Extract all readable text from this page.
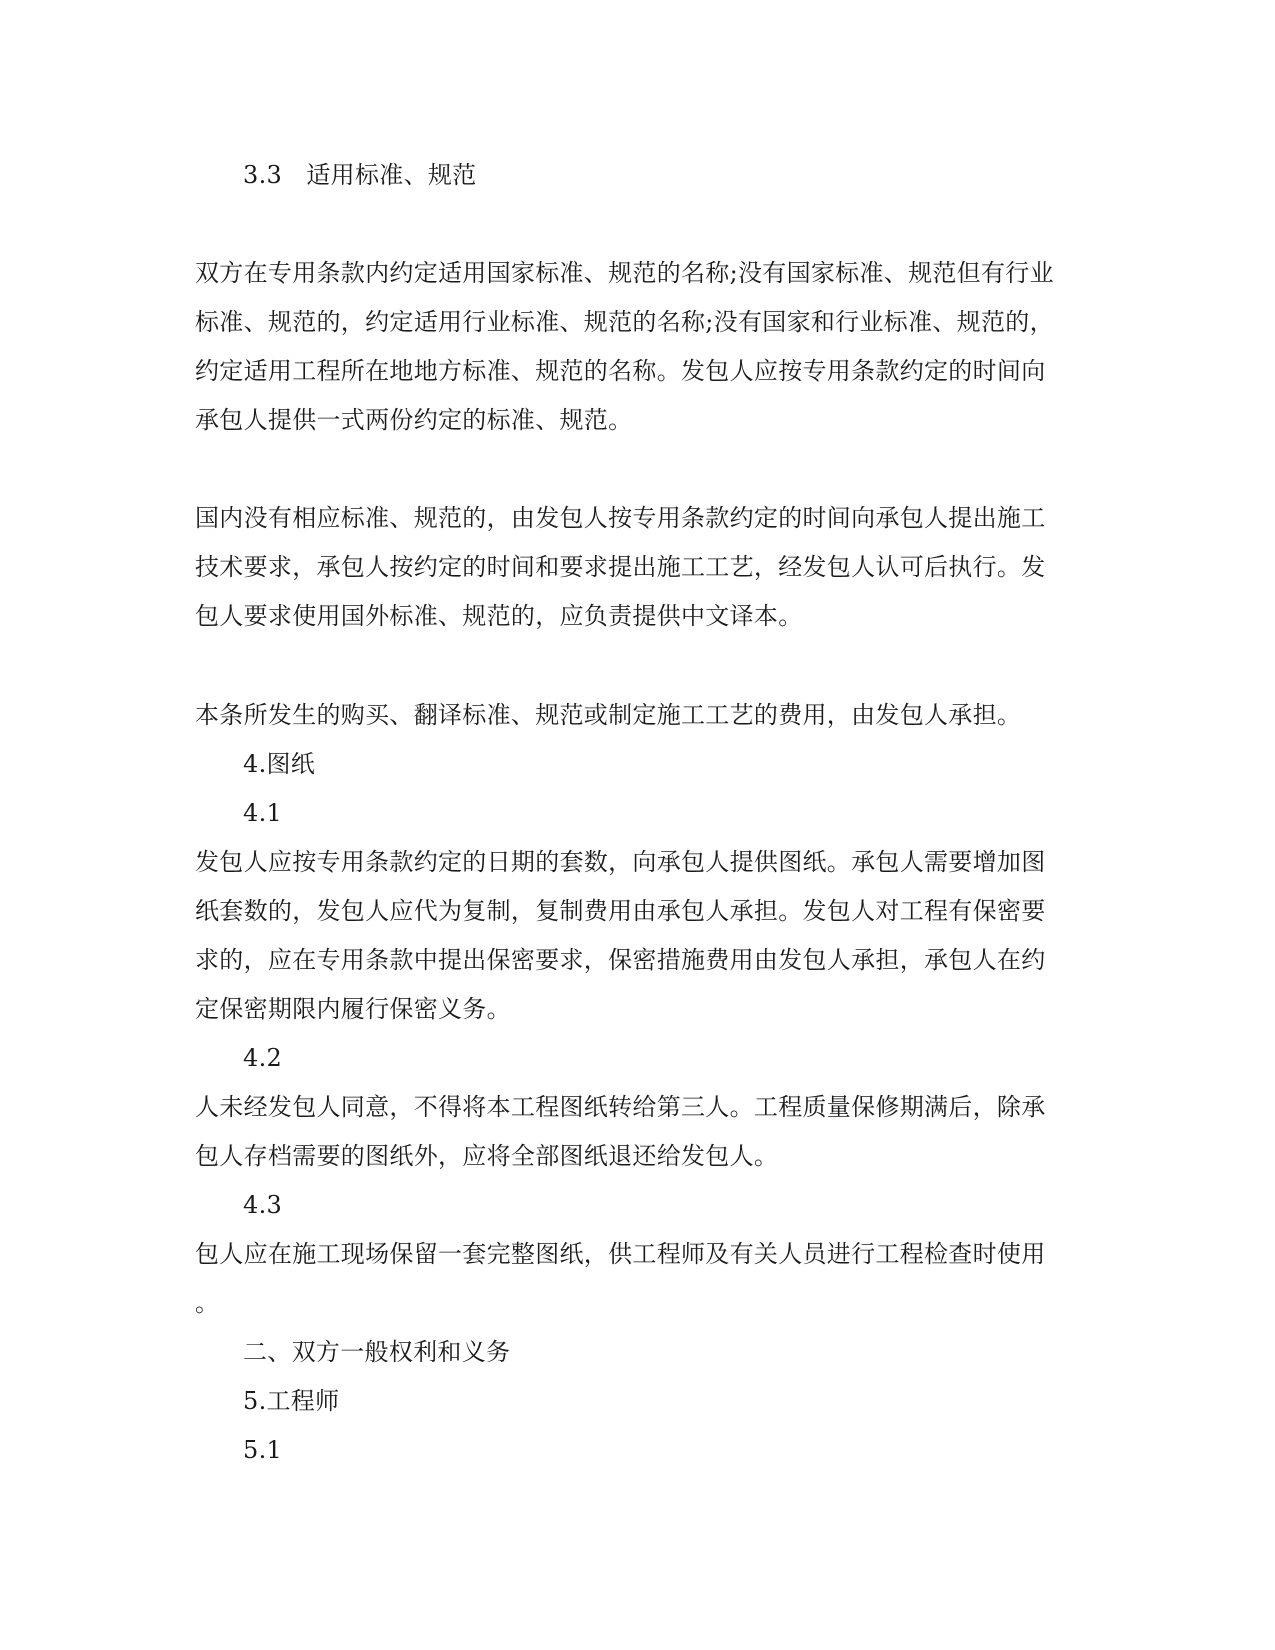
3.3　适用标准、规范
双方在专用条款内约定适用国家标准、规范的名称;没有国家标准、规范但有行业
标准、规范的，约定适用行业标准、规范的名称;没有国家和行业标准、规范的，
约定适用工程所在地地方标准、规范的名称。发包人应按专用条款约定的时间向
承包人提供一式两份约定的标准、规范。
国内没有相应标准、规范的，由发包人按专用条款约定的时间向承包人提出施工
技术要求，承包人按约定的时间和要求提出施工工艺，经发包人认可后执行。发
包人要求使用国外标准、规范的，应负责提供中文译本。
本条所发生的购买、翻译标准、规范或制定施工工艺的费用，由发包人承担。
4.图纸
4.1
发包人应按专用条款约定的日期的套数，向承包人提供图纸。承包人需要增加图
纸套数的，发包人应代为复制，复制费用由承包人承担。发包人对工程有保密要
求的，应在专用条款中提出保密要求，保密措施费用由发包人承担，承包人在约
定保密期限内履行保密义务。
4.2
人未经发包人同意，不得将本工程图纸转给第三人。工程质量保修期满后，除承
包人存档需要的图纸外，应将全部图纸退还给发包人。
4.3
包人应在施工现场保留一套完整图纸，供工程师及有关人员进行工程检查时使用
。
二、双方一般权利和义务
5.工程师
5.1
